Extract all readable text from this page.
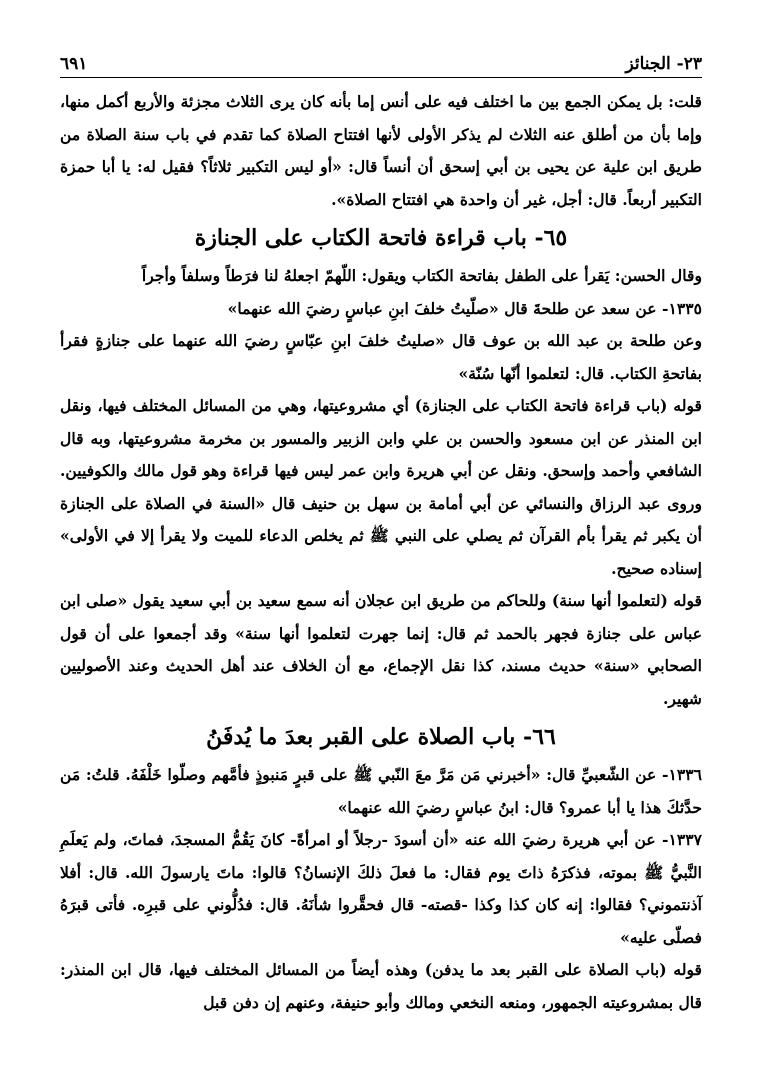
٢٣- الجنائز
٦٩١

قلت: بل يمكن الجمع بين ما اختلف فيه على أنس إما بأنه كان يرى الثلاث مجزئة والأربع أكمل منها، وإما بأن من أطلق عنه الثلاث لم يذكر الأولى لأنها افتتاح الصلاة كما تقدم في باب سنة الصلاة من طريق ابن علية عن يحيى بن أبي إسحق أن أنساً قال: «أو ليس التكبير ثلاثاً؟ فقيل له: يا أبا حمزة التكبير أربعاً. قال: أجل، غير أن واحدة هي افتتاح الصلاة».

٦٥- باب قراءة فاتحة الكتاب على الجنازة

وقال الحسن: يَقرأ على الطفل بفاتحة الكتاب ويقول: اللّهمّ اجعلهُ لنا فرَطاً وسلفاً وأجراً

١٣٣٥- عن سعد عن طلحةَ قال «صلّيتُ خلفَ ابنِ عباسٍ رضيَ الله عنهما»

وعن طلحة بن عبد الله بن عوف قال «صليتُ خلفَ ابنِ عبّاسٍ رضيَ الله عنهما على جنازةٍ فقرأ بفاتحةِ الكتاب. قال: لتعلموا أنّها سُنّة»

قوله (باب قراءة فاتحة الكتاب على الجنازة) أي مشروعيتها، وهي من المسائل المختلف فيها، ونقل ابن المنذر عن ابن مسعود والحسن بن علي وابن الزبير والمسور بن مخرمة مشروعيتها، وبه قال الشافعي وأحمد وإسحق. ونقل عن أبي هريرة وابن عمر ليس فيها قراءة وهو قول مالك والكوفيين. وروى عبد الرزاق والنسائي عن أبي أمامة بن سهل بن حنيف قال «السنة في الصلاة على الجنازة أن يكبر ثم يقرأ بأم القرآن ثم يصلي على النبي ﷺ ثم يخلص الدعاء للميت ولا يقرأ إلا في الأولى» إسناده صحيح.

قوله (لتعلموا أنها سنة) وللحاكم من طريق ابن عجلان أنه سمع سعيد بن أبي سعيد يقول «صلى ابن عباس على جنازة فجهر بالحمد ثم قال: إنما جهرت لتعلموا أنها سنة» وقد أجمعوا على أن قول الصحابي «سنة» حديث مسند، كذا نقل الإجماع، مع أن الخلاف عند أهل الحديث وعند الأصوليين شهير.

٦٦- باب الصلاة على القبر بعدَ ما يُدفَنُ

١٣٣٦- عن الشّعبيِّ قال: «أخبرني مَن مَرَّ معَ النّبي ﷺ على قبرٍ مَنبوذٍ فأمَّهم وصلّوا خَلْفَهُ. قلتُ: مَن حدَّثكَ هذا يا أبا عمرو؟ قال: ابنُ عباسٍ رضيَ الله عنهما»

١٣٣٧- عن أبي هريرة رضيَ الله عنه «أن أسودَ -رجلاً أو امرأةً- كانَ يَقُمُّ المسجدَ، فماتَ، ولم يَعلَمِ النَّبيُّ ﷺ بموته، فذكرَهُ ذاتَ يوم فقال: ما فعلَ ذلكَ الإنسانُ؟ قالوا: ماتَ يارسولَ الله. قال: أفلا آذنتموني؟ فقالوا: إنه كان كذا وكذا -قصته- قال فحقَّروا شأنَهُ. قال: فدُلُّوني على قبرِه. فأتى قبرَهُ فصلّى عليه»

قوله (باب الصلاة على القبر بعد ما يدفن) وهذه أيضاً من المسائل المختلف فيها، قال ابن المنذر: قال بمشروعيته الجمهور، ومنعه النخعي ومالك وأبو حنيفة، وعنهم إن دفن قبل
